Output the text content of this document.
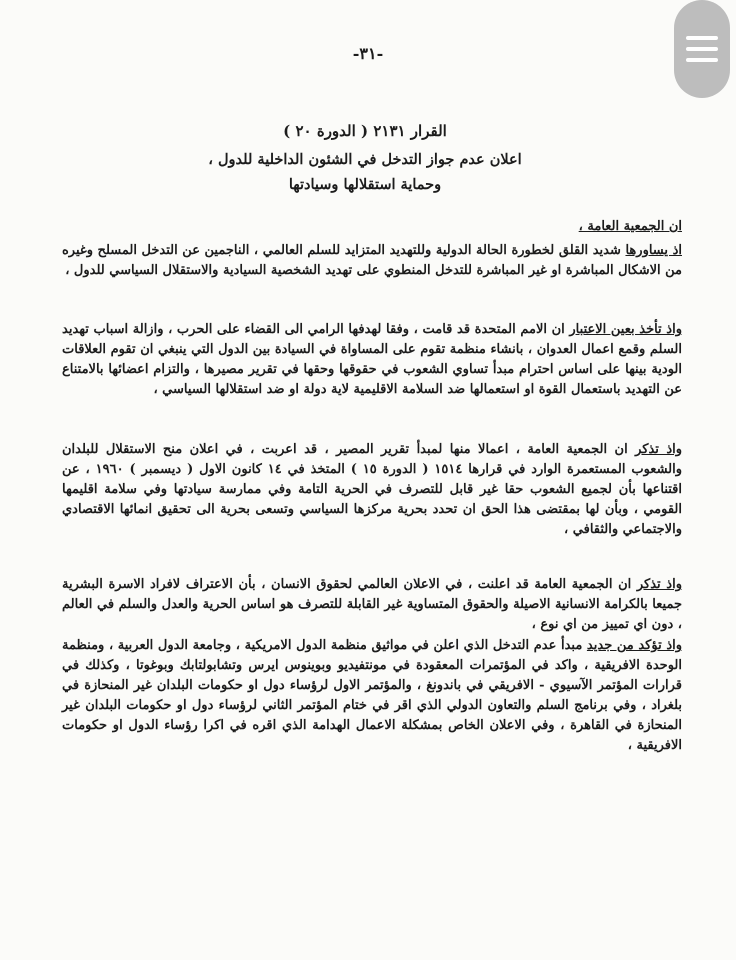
-٣١-
القرار ٢١٣١ ( الدورة ٢٠ )
اعلان عدم جواز التدخل في الشئون الداخلية للدول ،
وحماية استقلالها وسيادتها
ان الجمعية العامة ،

اذ يساورها شديد القلق لخطورة الحالة الدولية وللتهديد المتزايد للسلم العالمي ، الناجمين عن التدخل المسلح وغيره من الاشكال المباشرة او غير المباشرة للتدخل المنطوي على تهديد الشخصية السيادية والاستقلال السياسي للدول ،

واذ تأخذ بعين الاعتبار ان الامم المتحدة قد قامت ، وفقا لهدفها الرامي الى القضاء على الحرب ، وازالة اسباب تهديد السلم وقمع اعمال العدوان ، بانشاء منظمة تقوم على المساواة في السيادة بين الدول التي ينبغي ان تقوم العلاقات الودية بينها على اساس احترام مبدأ تساوي الشعوب في حقوقها وحقها في تقرير مصيرها ، والتزام اعضائها بالامتناع عن التهديد باستعمال القوة او استعمالها ضد السلامة الاقليمية لاية دولة او ضد استقلالها السياسي ،

واذ تذكر ان الجمعية العامة ، اعمالا منها لمبدأ تقرير المصير ، قد اعربت ، في اعلان منح الاستقلال للبلدان والشعوب المستعمرة الوارد في قرارها ١٥١٤ ( الدورة ١٥ ) المتخذ في ١٤ كانون الاول ( ديسمبر ) ١٩٦٠ ، عن اقتناعها بأن لجميع الشعوب حقا غير قابل للتصرف في الحرية التامة وفي ممارسة سيادتها وفي سلامة اقليمها القومي ، وبأن لها بمقتضى هذا الحق ان تحدد بحرية مركزها السياسي وتسعى بحرية الى تحقيق انمائها الاقتصادي والاجتماعي والثقافي ،

واذ تذكر ان الجمعية العامة قد اعلنت ، في الاعلان العالمي لحقوق الانسان ، بأن الاعتراف لافراد الاسرة البشرية جميعا بالكرامة الانسانية الاصيلة والحقوق المتساوية غير القابلة للتصرف هو اساس الحرية والعدل والسلم في العالم ، دون اي تمييز من اي نوع ،

واذ تؤكد من جديد مبدأ عدم التدخل الذي اعلن في مواثيق منظمة الدول الامريكية ، وجامعة الدول العربية ، ومنظمة الوحدة الافريقية ، واكد في المؤتمرات المعقودة في مونتفيديو وبوينوس ايرس وتشابولتابك وبوغوتا ، وكذلك في قرارات المؤتمر الآسيوي - الافريقي في باندونغ ، والمؤتمر الاول لرؤساء دول او حكومات البلدان غير المنحازة في بلغراد ، وفي برنامج السلم والتعاون الدولي الذي اقر في ختام المؤتمر الثاني لرؤساء دول او حكومات البلدان غير المنحازة في القاهرة ، وفي الاعلان الخاص بمشكلة الاعمال الهدامة الذي اقره في اكرا رؤساء الدول او حكومات الافريقية ،
